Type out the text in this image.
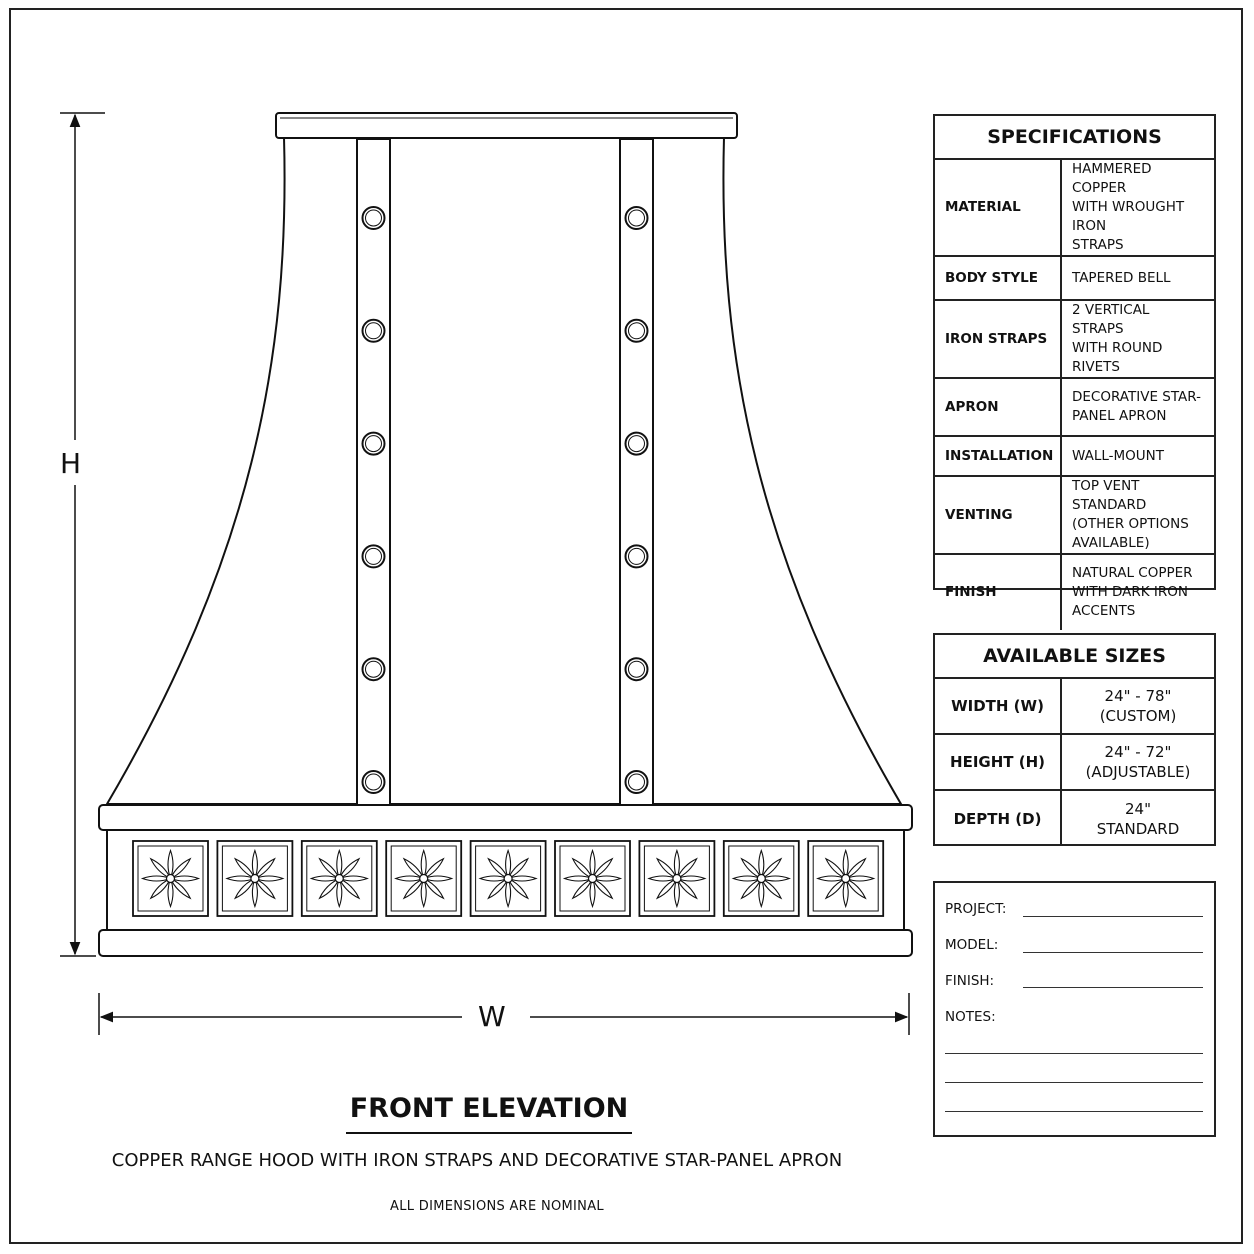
H
W
FRONT ELEVATION
COPPER RANGE HOOD WITH IRON STRAPS AND DECORATIVE STAR-PANEL APRON
ALL DIMENSIONS ARE NOMINAL
SPECIFICATIONS
MATERIAL	HAMMERED COPPER
WITH WROUGHT IRON
STRAPS

BODY STYLE	TAPERED BELL

IRON STRAPS	2 VERTICAL STRAPS
WITH ROUND RIVETS

APRON	DECORATIVE STAR-
PANEL APRON

INSTALLATION	WALL-MOUNT

VENTING	TOP VENT STANDARD
(OTHER OPTIONS
AVAILABLE)

FINISH	NATURAL COPPER
WITH DARK IRON
ACCENTS
AVAILABLE SIZES
WIDTH (W)	24" - 78"
(CUSTOM)

HEIGHT (H)	24" - 72"
(ADJUSTABLE)

DEPTH (D)	24"
STANDARD
PROJECT:
MODEL:
FINISH:
NOTES:
